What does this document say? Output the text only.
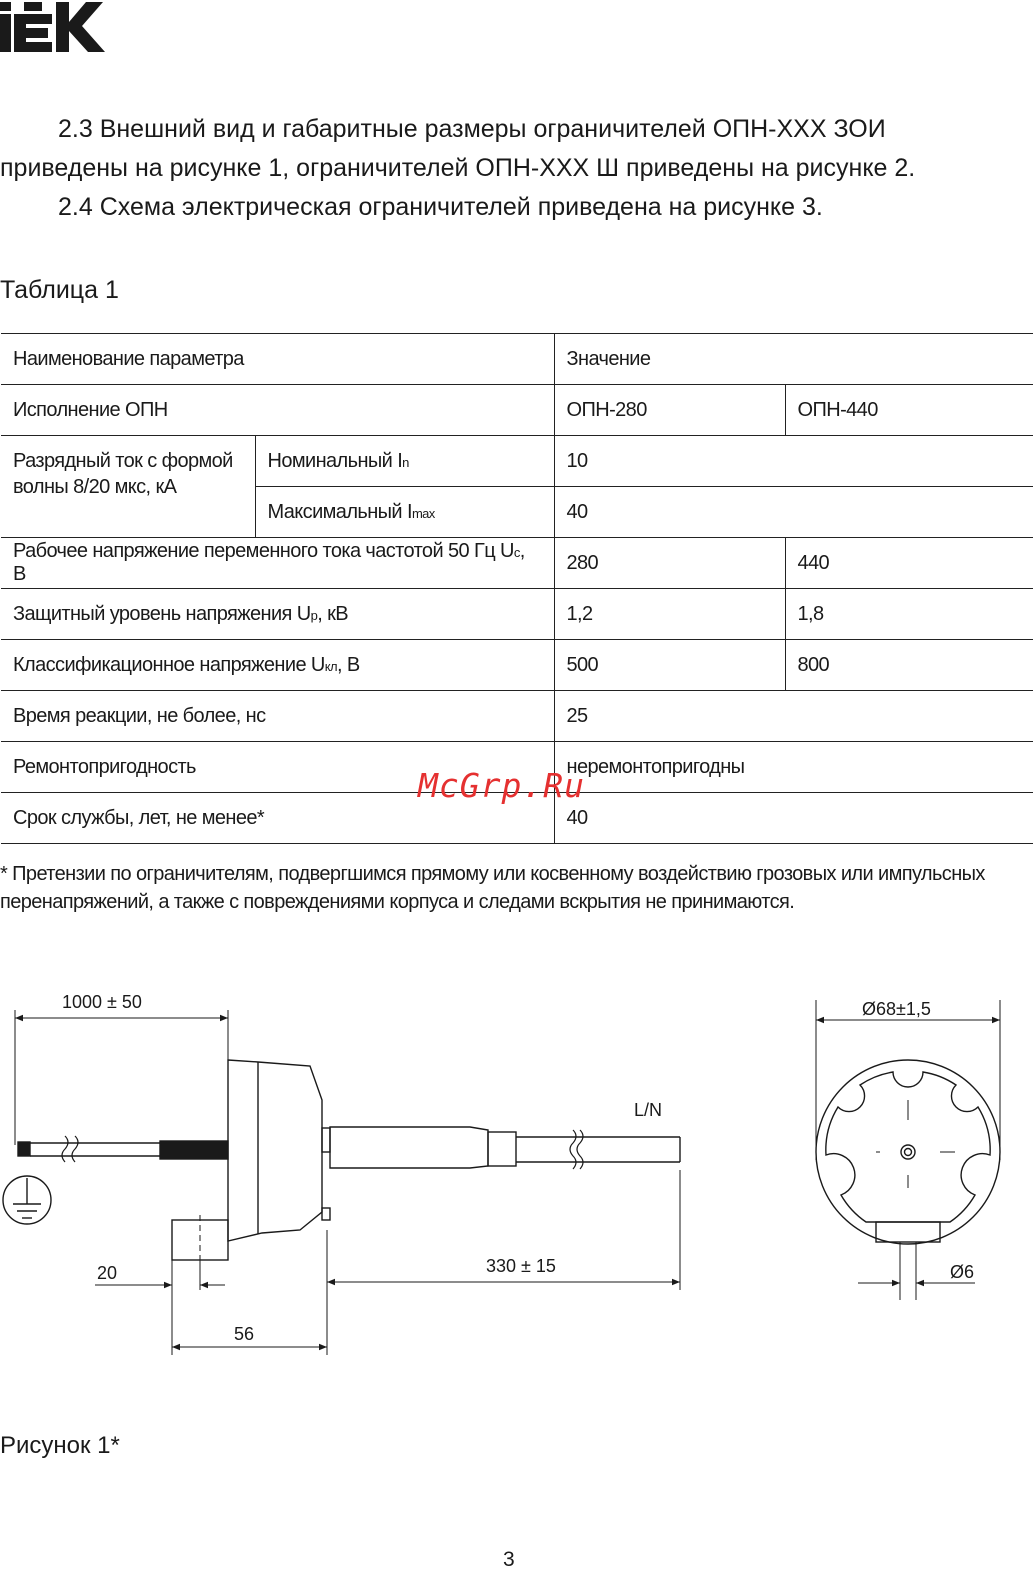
2.3 Внешний вид и габаритные размеры ограничителей ОПН-XXX ЗОИ

приведены на рисунке 1, ограничителей ОПН-XXX Ш приведены на рисунке 2.

2.4 Схема электрическая ограничителей приведена на рисунке 3.

Таблица 1
Наименование параметра		Значение	
Исполнение ОПН		ОПН-280	ОПН-440
Разрядный ток с формой волны 8/20 мкс, кА	Номинальный In	10	
	Максимальный Imax	40	
Рабочее напряжение переменного тока частотой 50 Гц Uc, В		280	440
Защитный уровень напряжения Up, кВ		1,2	1,8
Классификационное напряжение Uкл, В		500	800
Время реакции, не более, нс		25	
Ремонтопригодность		неремонтопригодны	
Срок службы, лет, не менее*		40	
McGrp.Ru
* Претензии по ограничителям, подвергшимся прямому или косвенному воздействию грозовых или импульсных перенапряжений, а также с повреждениями корпуса и следами вскрытия не принимаются.
1000 ± 50
20
56
330 ± 15
L/N
Ø68±1,5
Ø6
Рисунок 1*
3
